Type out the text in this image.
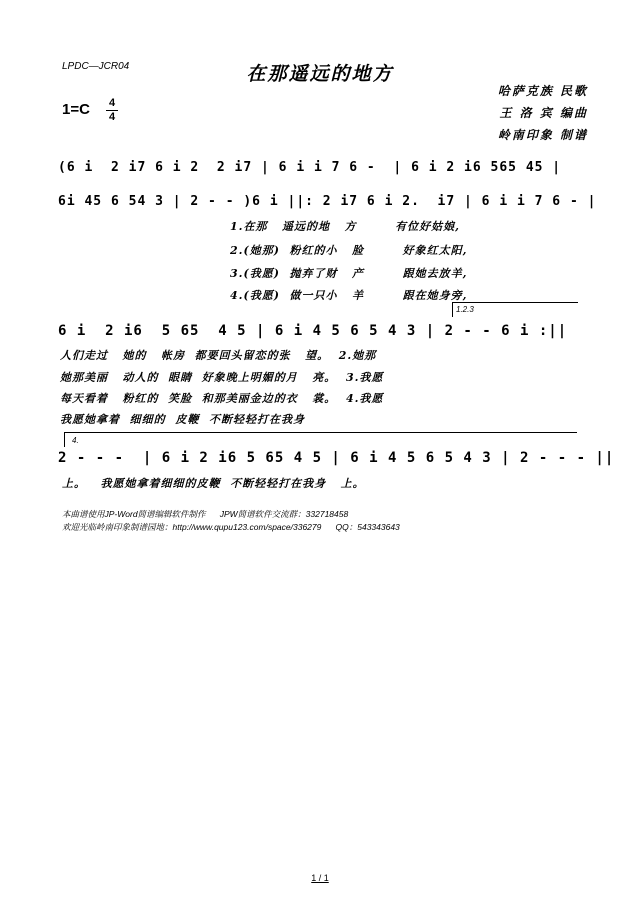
LPDC—JCR04	在那遥远的地方
哈萨克族 民歌
王 洛 宾 编曲
岭南印象 制谱
1=C 4
4
(6 i  2 i7 6 i 2  2 i7 | 6 i i 7 6 -  | 6 i 2 i6 565 45 |
6i 45 6 54 3 | 2 - - )6 i ||: 2 i7 6 i 2.  i7 | 6 i i 7 6 - |
1.在那   遥远的地   方        有位好姑娘,
2.(她那)  粉红的小   脸        好象红太阳,
3.(我愿)  抛弃了财   产        跟她去放羊,
4.(我愿)  做一只小   羊        跟在她身旁,
1.2.3
6 i  2 i6  5 65  4 5 | 6 i 4 5 6 5 4 3 | 2 - - 6 i :||
人们走过   她的   帐房  都要回头留恋的张   望。  2.她那
她那美丽   动人的  眼睛  好象晚上明媚的月   亮。  3.我愿
每天看着   粉红的  笑脸  和那美丽金边的衣   裳。  4.我愿
我愿她拿着  细细的  皮鞭  不断轻轻打在我身
4.
2 - - -  | 6 i 2 i6 5 65 4 5 | 6 i 4 5 6 5 4 3 | 2 - - - ||
上。   我愿她拿着细细的皮鞭  不断轻轻打在我身   上。
本曲谱使用JP-Word简谱编辑软件制作      JPW简谱软件交流群：332718458
欢迎光临岭南印象制谱园地：http://www.qupu123.com/space/336279      QQ：543343643
1 / 1
